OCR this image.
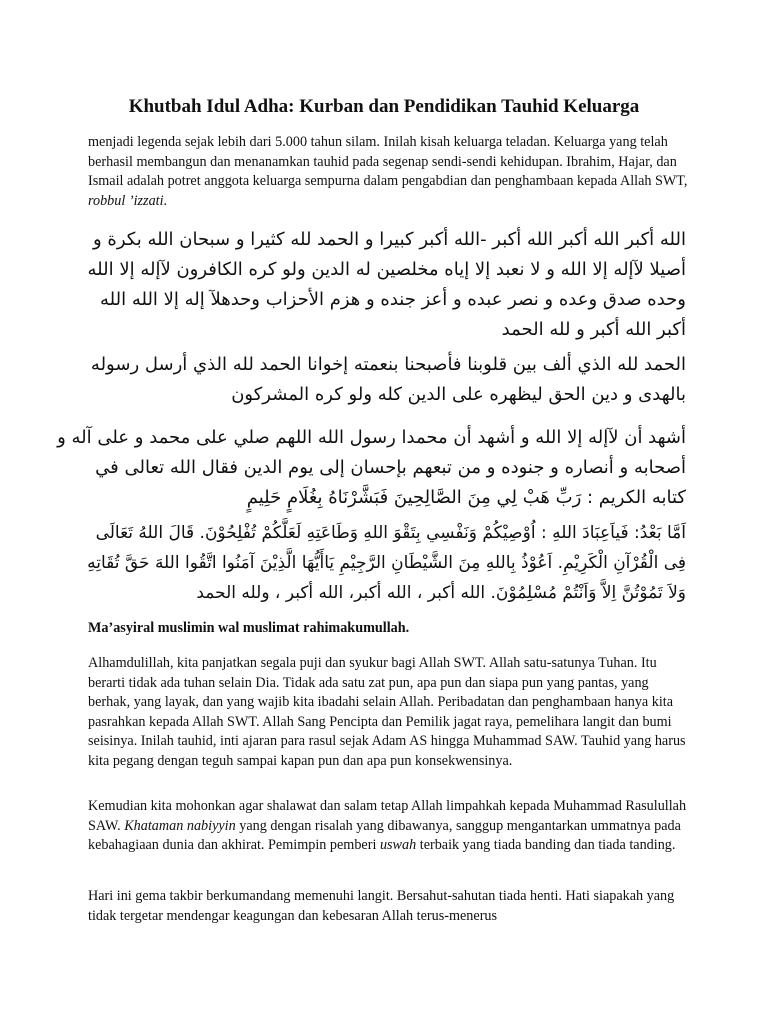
Khutbah Idul Adha: Kurban dan Pendidikan Tauhid Keluarga

menjadi legenda sejak lebih dari 5.000 tahun silam. Inilah kisah keluarga teladan. Keluarga yang telah berhasil membangun dan menanamkan tauhid pada segenap sendi-sendi kehidupan. Ibrahim, Hajar, dan Ismail adalah potret anggota keluarga sempurna dalam pengabdian dan penghambaan kepada Allah SWT, robbul ’izzati.

الله أكبر الله أكبر الله أكبر -الله أكبر كبيرا و الحمد لله كثيرا و سبحان الله بكرة و
أصيلا لآإله إلا الله و لا نعبد إلا إياه مخلصين له الدين ولو كره الكافرون لآإله إلا الله
وحده صدق وعده و نصر عبده و أعز جنده و هزم الأحزاب وحدهلآ إله إلا الله الله
أكبر الله أكبر و لله الحمد
الحمد لله الذي ألف بين قلوبنا فأصبحنا بنعمته إخوانا الحمد لله الذي أرسل رسوله
بالهدى و دين الحق ليظهره على الدين كله ولو كره المشركون
أشهد أن لآإله إلا الله و أشهد أن محمدا رسول الله اللهم صلي على محمد و على آله و
أصحابه و أنصاره و جنوده و من تبعهم بإحسان إلى يوم الدين فقال الله تعالى في
كتابه الكريم : رَبِّ هَبْ لِي مِنَ الصَّالِحِينَ فَبَشَّرْنَاهُ بِغُلَامٍ حَلِيمٍ
اَمَّا بَعْدُ: فَياَعِبَادَ اللهِ : اُوْصِيْكُمْ وَنَفْسِي بِتَقْوَ اللهِ وَطَاعَتِهِ لَعَلَّكُمْ تُفْلِحُوْنَ. قَالَ اللهُ تَعَالَى
فِى الْقُرْآنِ الْكَرِيْمِ. اَعُوْذُ بِاللهِ مِنَ الشَّيْطَانِ الرَّجِيْمِ يَاأَيُّهَا الَّذِيْنَ آمَنُوا اتَّقُوا اللهَ حَقَّ تُقَاتِهِ
وَلاَ تَمُوْتُنَّ اِلاَّ وَاَنْتُمْ مُسْلِمُوْنَ. الله أكبر ، الله أكبر، الله أكبر ، ولله الحمد
Ma’asyiral muslimin wal muslimat rahimakumullah.

Alhamdulillah, kita panjatkan segala puji dan syukur bagi Allah SWT. Allah satu-satunya Tuhan. Itu berarti tidak ada tuhan selain Dia. Tidak ada satu zat pun, apa pun dan siapa pun yang pantas, yang berhak, yang layak, dan yang wajib kita ibadahi selain Allah. Peribadatan dan penghambaan hanya kita pasrahkan kepada Allah SWT. Allah Sang Pencipta dan Pemilik jagat raya, pemelihara langit dan bumi seisinya. Inilah tauhid, inti ajaran para rasul sejak Adam AS hingga Muhammad SAW. Tauhid yang harus kita pegang dengan teguh sampai kapan pun dan apa pun konsekwensinya.

Kemudian kita mohonkan agar shalawat dan salam tetap Allah limpahkah kepada Muhammad Rasulullah SAW. Khataman nabiyyin yang dengan risalah yang dibawanya, sanggup mengantarkan ummatnya pada kebahagiaan dunia dan akhirat. Pemimpin pemberi uswah terbaik yang tiada banding dan tiada tanding.

Hari ini gema takbir berkumandang memenuhi langit. Bersahut-sahutan tiada henti. Hati siapakah yang tidak tergetar mendengar keagungan dan kebesaran Allah terus-menerus
